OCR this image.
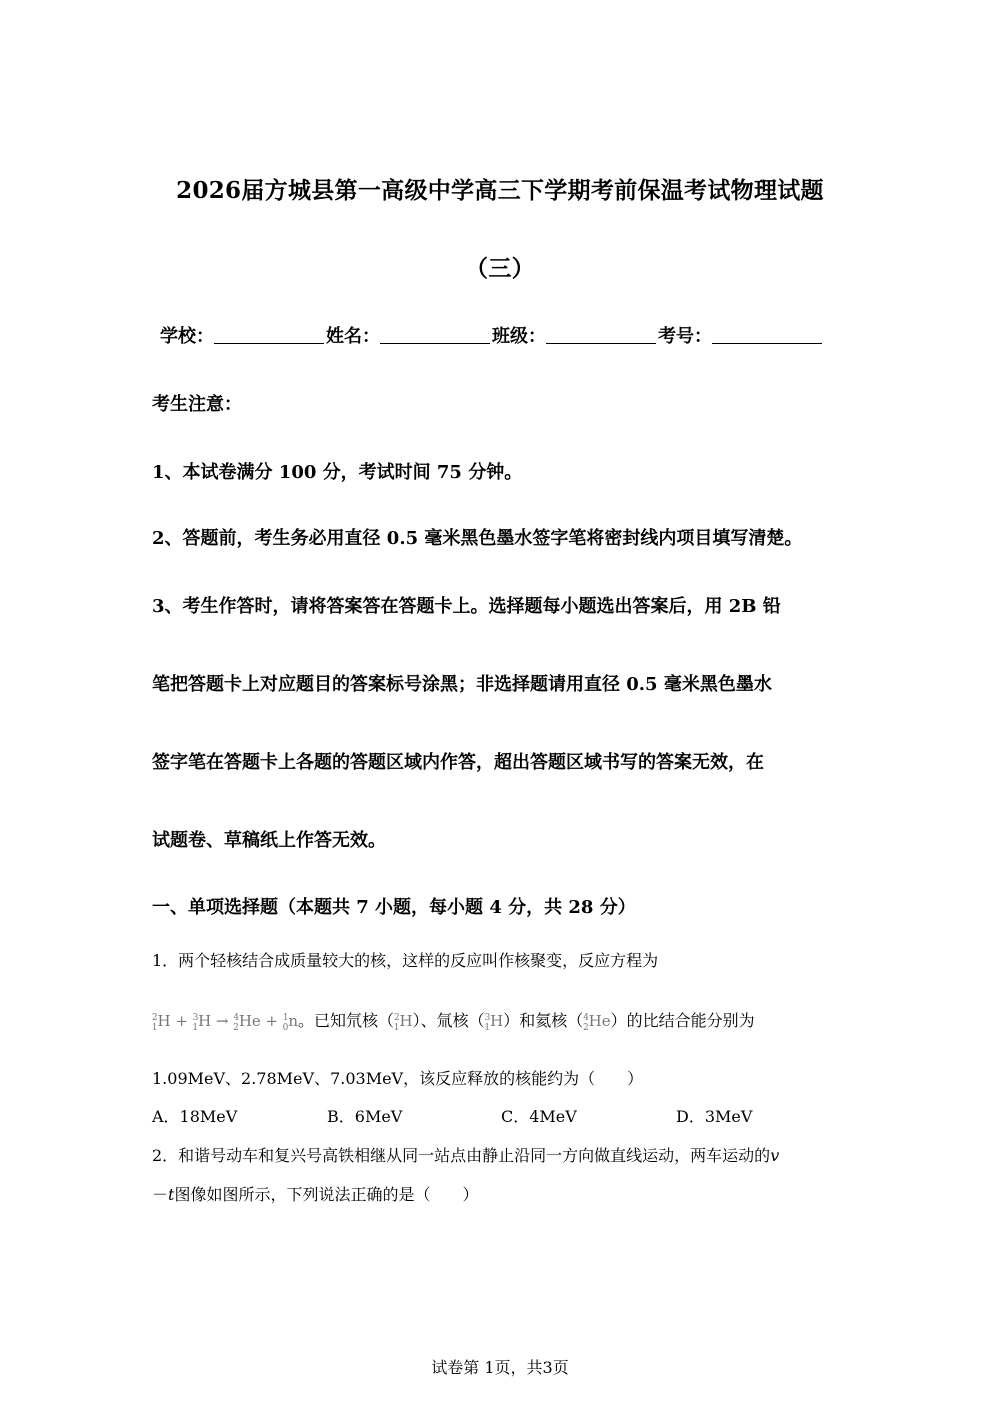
2026届方城县第一高级中学高三下学期考前保温考试物理试题
（三）
学校：	姓名：	班级：	考号：
考生注意：
1、本试卷满分 100 分，考试时间 75 分钟。
2、答题前，考生务必用直径 0.5 毫米黑色墨水签字笔将密封线内项目填写清楚。
3、考生作答时，请将答案答在答题卡上。选择题每小题选出答案后，用 2B 铅
笔把答题卡上对应题目的答案标号涂黑；非选择题请用直径 0.5 毫米黑色墨水
签字笔在答题卡上各题的答题区域内作答，超出答题区域书写的答案无效，在
试题卷、草稿纸上作答无效。
一、单项选择题（本题共 7 小题，每小题 4 分，共 28 分）
1．两个轻核结合成质量较大的核，这样的反应叫作核聚变，反应方程为
$^2_1$H + $^3_1$H → $^4_2$He + $^1_0$n。已知氘核（$^2_1$H）、氚核（$^3_1$H）和氦核（$^4_2$He）的比结合能分别为
1.09MeV、2.78MeV、7.03MeV，该反应释放的核能约为（　　）
A．18MeV	B．6MeV	C．4MeV	D．3MeV
2．和谐号动车和复兴号高铁相继从同一站点由静止沿同一方向做直线运动，两车运动的v
－t图像如图所示，下列说法正确的是（　　）
试卷第 1页，共3页
